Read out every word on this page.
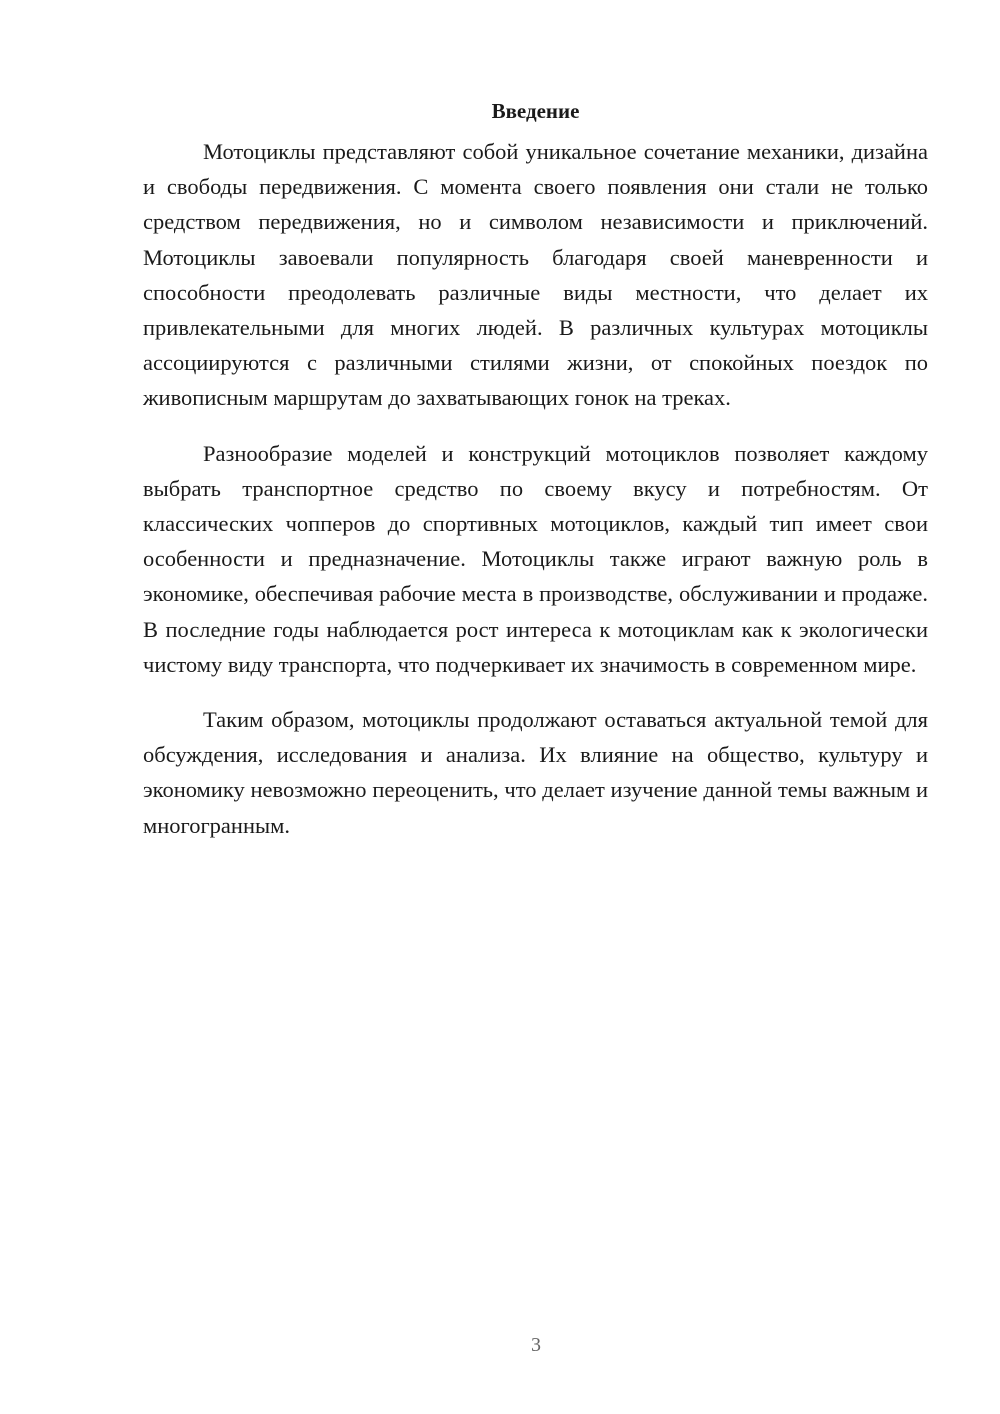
Введение

Мотоциклы представляют собой уникальное сочетание механики, дизайна и свободы передвижения. С момента своего появления они стали не только средством передвижения, но и символом независимости и приключений. Мотоциклы завоевали популярность благодаря своей маневренности и способности преодолевать различные виды местности, что делает их привлекательными для многих людей. В различных культурах мотоциклы ассоциируются с различными стилями жизни, от спокойных поездок по живописным маршрутам до захватывающих гонок на треках.

Разнообразие моделей и конструкций мотоциклов позволяет каждому выбрать транспортное средство по своему вкусу и потребностям. От классических чопперов до спортивных мотоциклов, каждый тип имеет свои особенности и предназначение. Мотоциклы также играют важную роль в экономике, обеспечивая рабочие места в производстве, обслуживании и продаже. В последние годы наблюдается рост интереса к мотоциклам как к экологически чистому виду транспорта, что подчеркивает их значимость в современном мире.

Таким образом, мотоциклы продолжают оставаться актуальной темой для обсуждения, исследования и анализа. Их влияние на общество, культуру и экономику невозможно переоценить, что делает изучение данной темы важным и многогранным.

3
